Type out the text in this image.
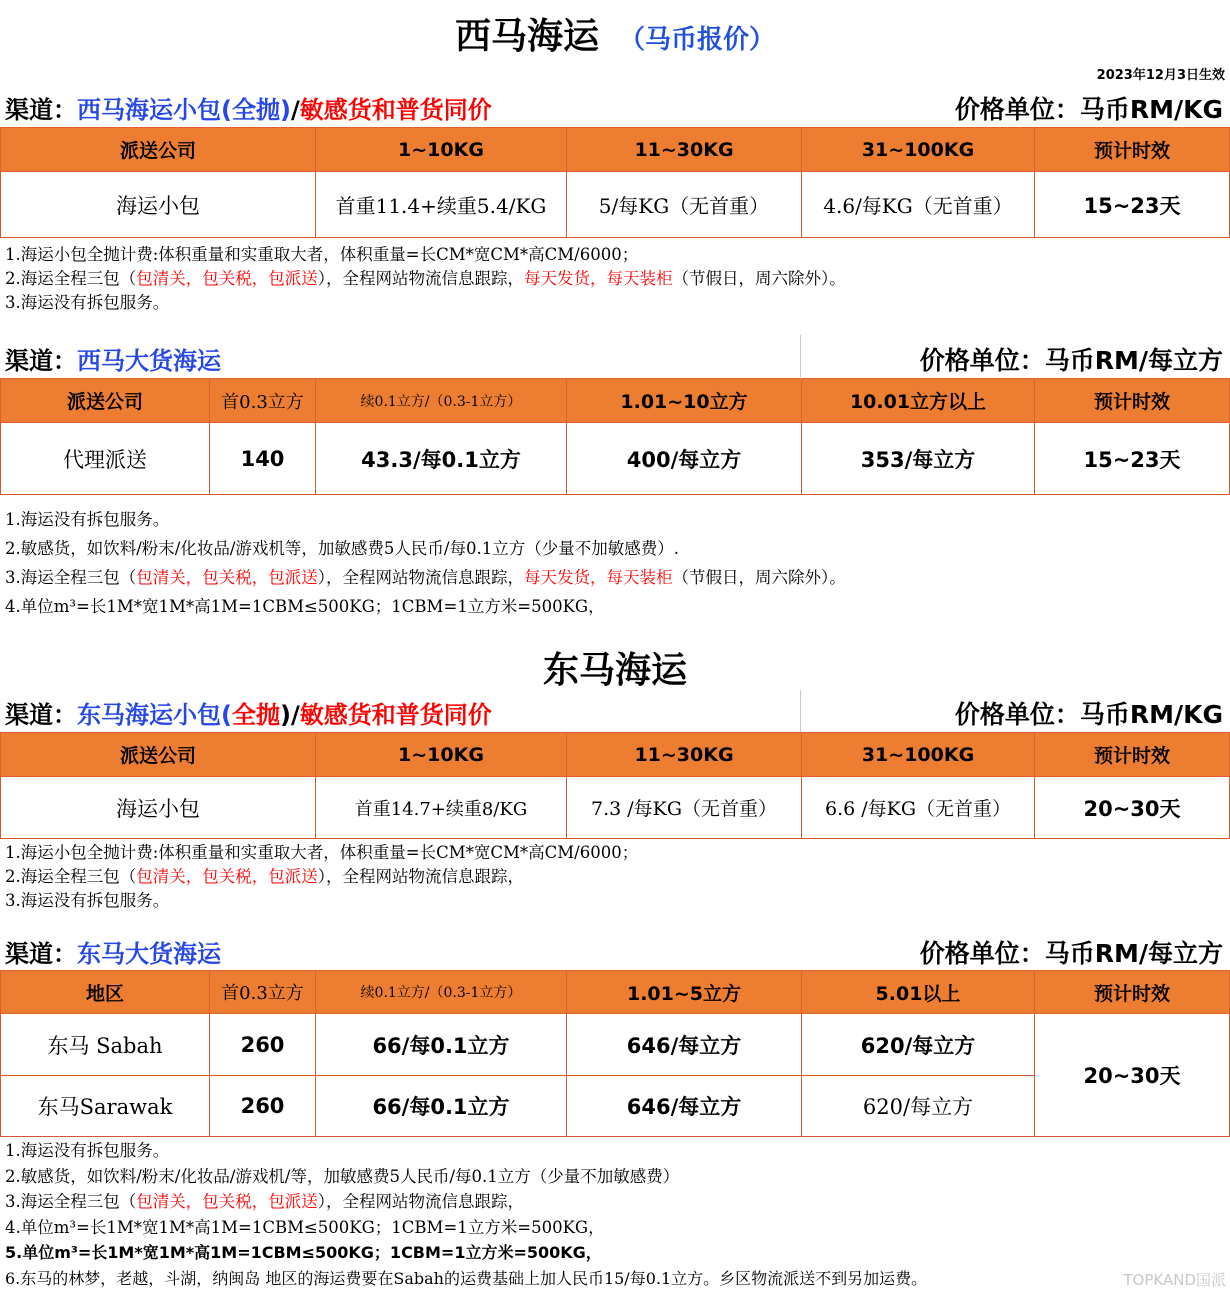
西马海运 （马币报价）
2023年12月3日生效
渠道：西马海运小包(全抛)/敏感货和普货同价	价格单位：马币RM/KG
派送公司	1~10KG	11~30KG	31~100KG	预计时效
海运小包	首重11.4+续重5.4/KG	5/每KG（无首重）	4.6/每KG（无首重）	15~23天
1.海运小包全抛计费:体积重量和实重取大者，体积重量=长CM*宽CM*高CM/6000；
2.海运全程三包（包清关，包关税，包派送），全程网站物流信息跟踪，每天发货，每天装柜（节假日，周六除外）。
3.海运没有拆包服务。
渠道：西马大货海运	价格单位：马币RM/每立方
派送公司	首0.3立方	续0.1立方/（0.3-1立方）	1.01~10立方	10.01立方以上	预计时效
代理派送	140	43.3/每0.1立方	400/每立方	353/每立方	15~23天
1.海运没有拆包服务。
2.敏感货，如饮料/粉末/化妆品/游戏机等，加敏感费5人民币/每0.1立方（少量不加敏感费）.
3.海运全程三包（包清关，包关税，包派送），全程网站物流信息跟踪，每天发货，每天装柜（节假日，周六除外）。
4.单位m³=长1M*宽1M*高1M=1CBM≤500KG；1CBM=1立方米=500KG，
东马海运
渠道：东马海运小包(全抛)/敏感货和普货同价	价格单位：马币RM/KG
派送公司	1~10KG	11~30KG	31~100KG	预计时效
海运小包	首重14.7+续重8/KG	7.3 /每KG（无首重）	6.6 /每KG（无首重）	20~30天
1.海运小包全抛计费:体积重量和实重取大者，体积重量=长CM*宽CM*高CM/6000；
2.海运全程三包（包清关，包关税，包派送），全程网站物流信息跟踪，
3.海运没有拆包服务。
渠道：东马大货海运	价格单位：马币RM/每立方
地区	首0.3立方	续0.1立方/（0.3-1立方）	1.01~5立方	5.01以上	预计时效
东马 Sabah	260	66/每0.1立方	646/每立方	620/每立方	20~30天
东马Sarawak	260	66/每0.1立方	646/每立方	620/每立方	
1.海运没有拆包服务。
2.敏感货，如饮料/粉末/化妆品/游戏机/等，加敏感费5人民币/每0.1立方（少量不加敏感费）
3.海运全程三包（包清关，包关税，包派送），全程网站物流信息跟踪，
4.单位m³=长1M*宽1M*高1M=1CBM≤500KG；1CBM=1立方米=500KG，
5.单位m³=长1M*宽1M*高1M=1CBM≤500KG；1CBM=1立方米=500KG，
6.东马的林梦，老越，斗湖，纳闽岛 地区的海运费要在Sabah的运费基础上加人民币15/每0.1立方。乡区物流派送不到另加运费。	TOPKAND国派
